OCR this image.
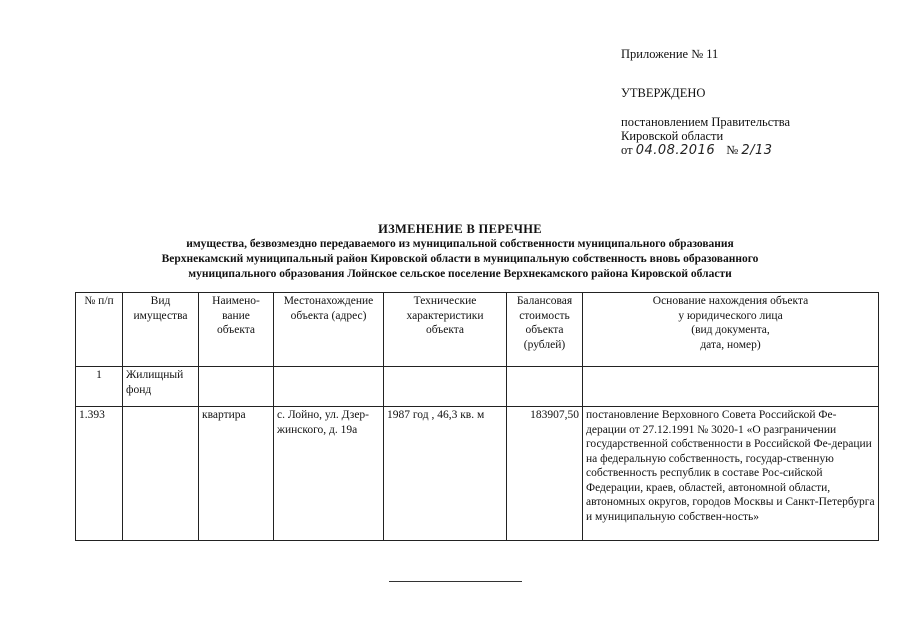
Приложение № 11
УТВЕРЖДЕНО
постановлением Правительства
Кировской области
от 04.08.2016 № 2/13
ИЗМЕНЕНИЕ В ПЕРЕЧНЕ
имущества, безвозмездно передаваемого из муниципальной собственности муниципального образования
Верхнекамский муниципальный район Кировской области в муниципальную собственность вновь образованного
муниципального образования Лойнское сельское поселение Верхнекамского района Кировской области
№ п/п	Вид имущества	Наимено-вание объекта	Местонахождение объекта (адрес)	Технические характеристики объекта	Балансовая стоимость объекта (рублей)	Основание нахождения объекта
у юридического лица
(вид документа,
дата, номер)

1	Жилищный фонд					
1.393		квартира	с. Лойно, ул. Дзер-жинского, д. 19а	1987 год , 46,3 кв. м	183907,50	постановление Верховного Совета Российской Фе-дерации от 27.12.1991 № 3020-1 «О разграничении государственной собственности в Российской Фе-дерации на федеральную собственность, государ-ственную собственность республик в составе Рос-сийской Федерации, краев, областей, автономной области, автономных округов, городов Москвы и Санкт-Петербурга и муниципальную собствен-ность»
